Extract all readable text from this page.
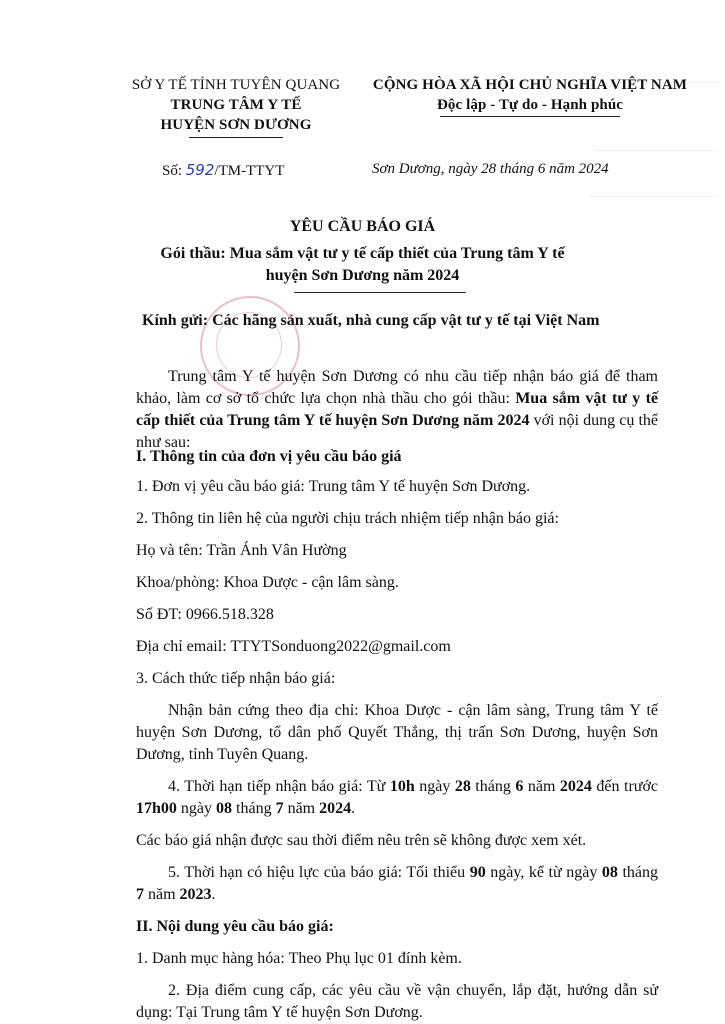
SỞ Y TẾ TỈNH TUYÊN QUANG
TRUNG TÂM Y TẾ
HUYỆN SƠN DƯƠNG
CỘNG HÒA XÃ HỘI CHỦ NGHĨA VIỆT NAM
Độc lập - Tự do - Hạnh phúc
Số: 592/TM-TTYT	Sơn Dương, ngày 28 tháng 6 năm 2024
YÊU CẦU BÁO GIÁ
Gói thầu: Mua sắm vật tư y tế cấp thiết của Trung tâm Y tế
huyện Sơn Dương năm 2024
Kính gửi: Các hãng sản xuất, nhà cung cấp vật tư y tế tại Việt Nam

Trung tâm Y tế huyện Sơn Dương có nhu cầu tiếp nhận báo giá để tham khảo, làm cơ sở tổ chức lựa chọn nhà thầu cho gói thầu: Mua sắm vật tư y tế cấp thiết của Trung tâm Y tế huyện Sơn Dương năm 2024 với nội dung cụ thể như sau:

I. Thông tin của đơn vị yêu cầu báo giá

1. Đơn vị yêu cầu báo giá: Trung tâm Y tế huyện Sơn Dương.

2. Thông tin liên hệ của người chịu trách nhiệm tiếp nhận báo giá:

Họ và tên: Trần Ánh Vân Hường

Khoa/phòng: Khoa Dược - cận lâm sàng.

Số ĐT: 0966.518.328

Địa chỉ email: TTYTSonduong2022@gmail.com

3. Cách thức tiếp nhận báo giá:

Nhận bản cứng theo địa chỉ: Khoa Dược - cận lâm sàng, Trung tâm Y tế huyện Sơn Dương, tổ dân phố Quyết Thắng, thị trấn Sơn Dương, huyện Sơn Dương, tỉnh Tuyên Quang.

4. Thời hạn tiếp nhận báo giá: Từ 10h ngày 28 tháng 6 năm 2024 đến trước 17h00 ngày 08 tháng 7 năm 2024.

Các báo giá nhận được sau thời điểm nêu trên sẽ không được xem xét.

5. Thời hạn có hiệu lực của báo giá: Tối thiểu 90 ngày, kể từ ngày 08 tháng 7 năm 2023.

II. Nội dung yêu cầu báo giá:

1. Danh mục hàng hóa: Theo Phụ lục 01 đính kèm.

2. Địa điểm cung cấp, các yêu cầu về vận chuyển, lắp đặt, hướng dẫn sử dụng: Tại Trung tâm Y tế huyện Sơn Dương.
